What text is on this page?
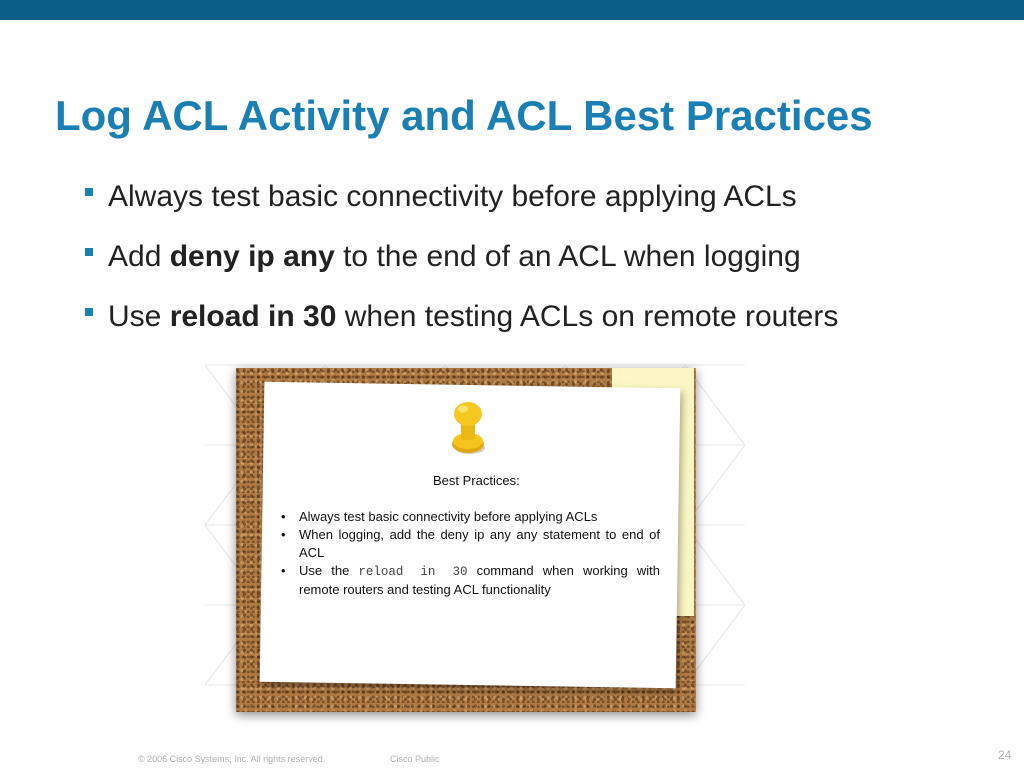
Log ACL Activity and ACL Best Practices
Always test basic connectivity before applying ACLs
Add deny ip any to the end of an ACL when logging
Use reload in 30 when testing ACLs on remote routers
Best Practices:
• Always test basic connectivity before applying ACLs
• When logging, add the deny ip any any statement to end of ACL
• Use the reload in 30 command when working with remote routers and testing ACL functionality
© 2006 Cisco Systems, Inc. All rights reserved.	Cisco Public	24
